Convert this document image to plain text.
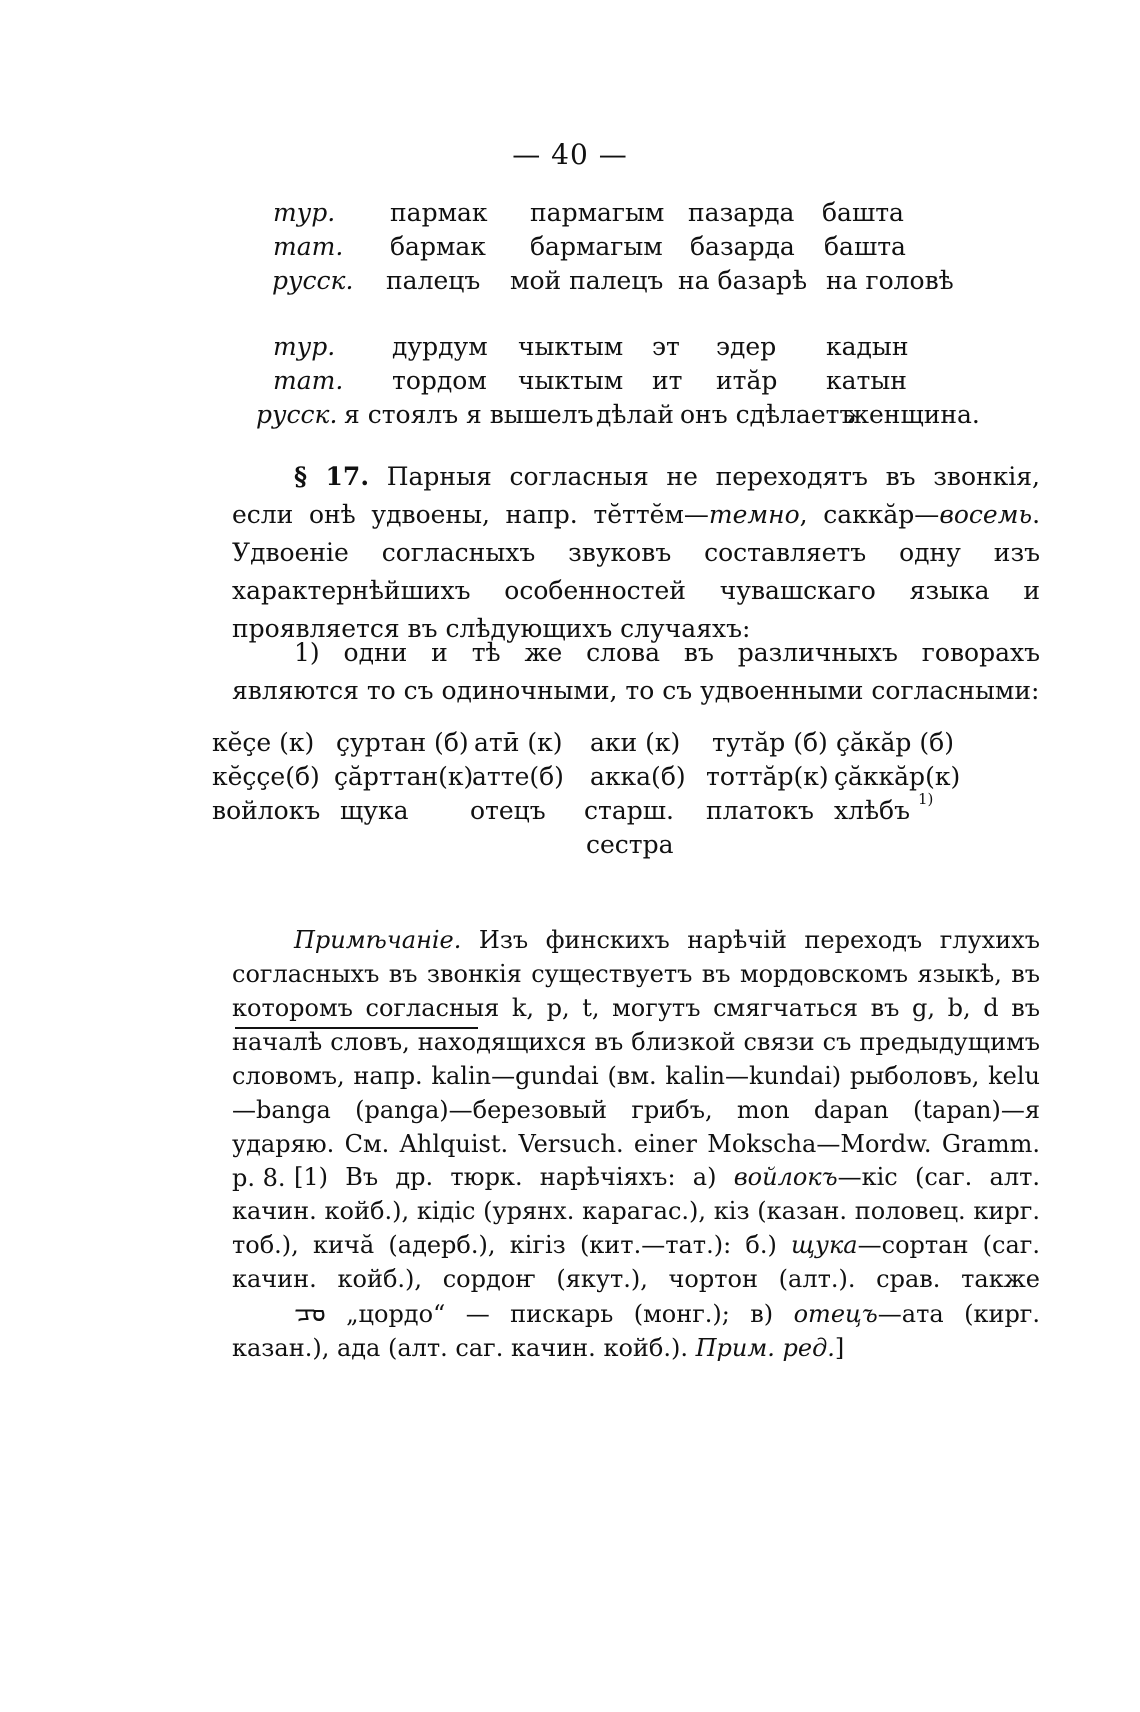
— 40 —
тур. пармак пармагым пазарда башта
тат. бармак бармагым базарда башта
русск. палецъ мой палецъ на базарѣ на головѣ
тур. дурдум чыктым эт эдер кадын
тат. тордом чыктым ит итӑр катын
русск. я стоялъ я вышелъ дѣлай онъ сдѣлаетъ
женщина.
§ 17. Парныя согласныя не переходятъ въ звонкія, если онѣ удвоены, напр. тӗттӗм—темно, саккӑр—восемь. Удвоеніе согласныхъ звуковъ составляетъ одну изъ характернѣйшихъ особенностей чувашскаго языка и проявляется въ слѣдующихъ случаяхъ:
1) одни и тѣ же слова въ различныхъ говорахъ являются то съ одиночными, то съ удвоенными согласными:
кӗҫе (к) ҫуртан (б) атӣ (к) аки (к) тутӑр (б) ҫӑкӑр (б)
кӗҫҫе(б) ҫӑрттан(к)
атте(б) акка(б) тоттӑр(к) ҫӑккӑр(к)
войлокъ щука отецъ старш. платокъ хлѣбъ 1)
сестра
Примѣчаніе. Изъ финскихъ нарѣчій переходъ глухихъ согласныхъ въ звонкія существуетъ въ мордовскомъ языкѣ, въ которомъ согласныя k, p, t, могутъ смягчаться въ g, b, d въ началѣ словъ, находящихся въ близкой связи съ предыдущимъ словомъ, напр. kalin—gundai (вм. kalin—kundai) рыболовъ, kelu—banga (panga)—березовый грибъ, mon dapan (tapan)—я ударяю. См. Ahlquist. Versuch. einer Mokscha—Mordw. Gramm. p. 8. [1) Въ др. тюрк. нарѣчіяхъ: а) войлокъ—кіс (саг. алт. качин. койб.), кідіс (урянх. карагас.), кіз (казан. половец. кирг. тоб.), кичӑ (адерб.), кігіз (кит.—тат.): б.) щука—сортан (саг. качин. койб.), сордоҥ (якут.), чортон (алт.). срав. также ᠴᠣ „цордо“ — пискарь (монг.); в) отецъ—ата (кирг. казан.), ада (алт. саг. качин. койб.). Прим. ред.]
